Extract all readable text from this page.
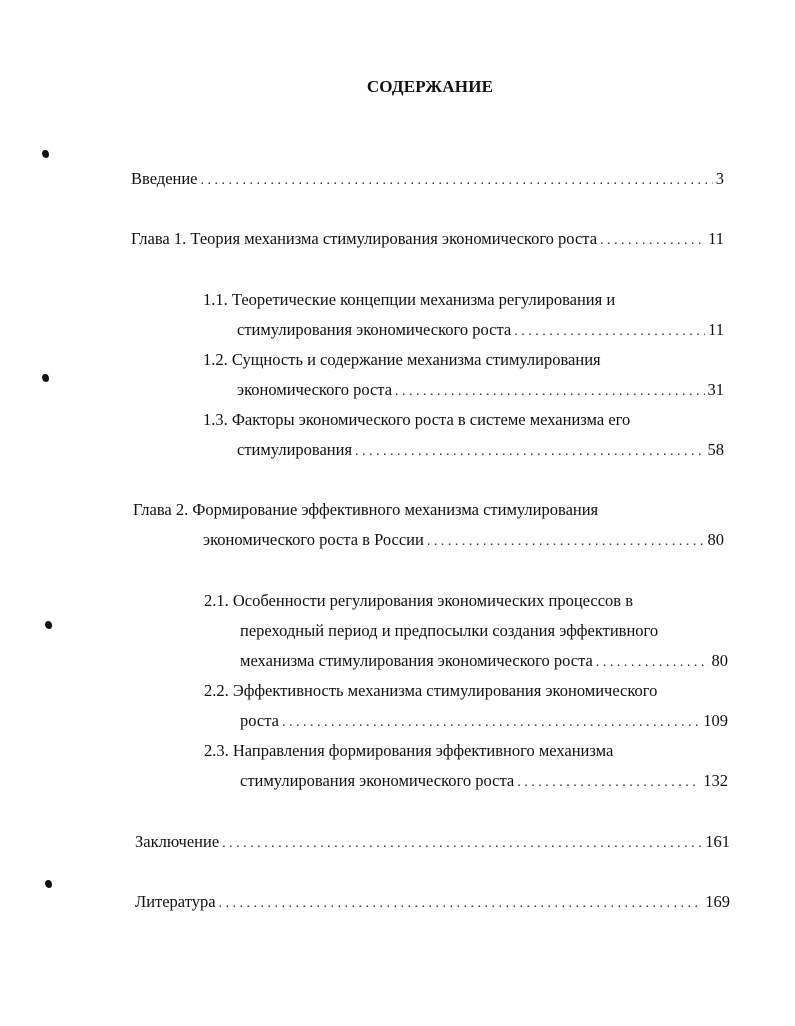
СОДЕРЖАНИЕ
Введение . . .	3
Глава 1. Теория механизма стимулирования экономического роста . . .	11
1.1. Теоретические концепции механизма регулирования и
стимулирования экономического роста . . .	11
1.2. Сущность и содержание механизма стимулирования
экономического роста . . .	31
1.3. Факторы экономического роста в системе механизма его
стимулирования . . .	58
Глава 2. Формирование эффективного механизма стимулирования
экономического роста в России . . .	80
2.1. Особенности регулирования экономических процессов в
переходный период и предпосылки создания эффективного
механизма стимулирования экономического роста . . .	80
2.2. Эффективность механизма стимулирования экономического
роста . . .	109
2.3. Направления формирования эффективного механизма
стимулирования экономического роста . . .	132
Заключение . . .	161
Литература . . .	169
